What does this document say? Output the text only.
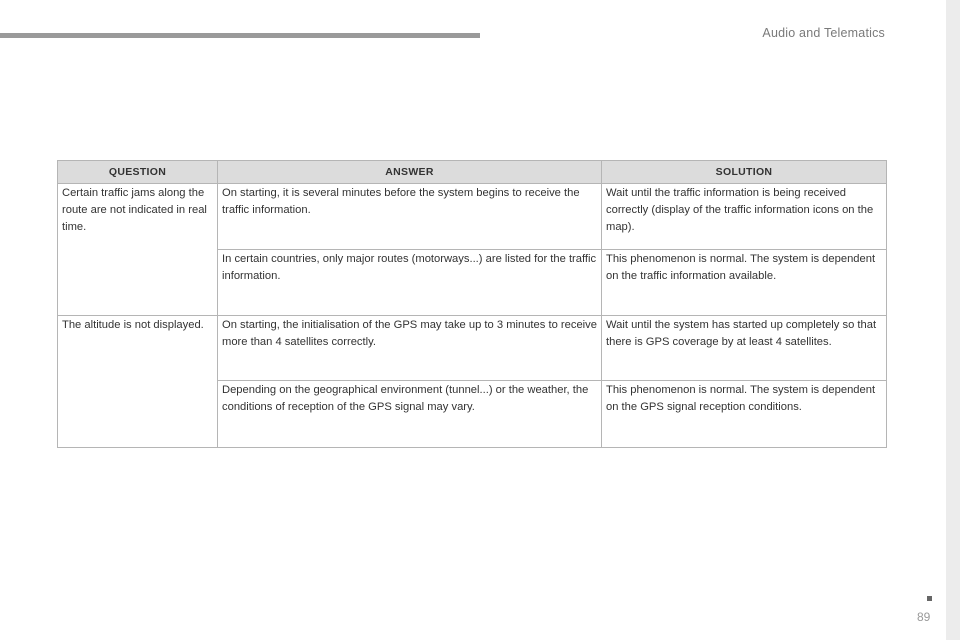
Audio and Telematics
QUESTION	ANSWER	SOLUTION
Certain traffic jams along the route are not indicated in real time.	On starting, it is several minutes before the system begins to receive the traffic information.	Wait until the traffic information is being received correctly (display of the traffic information icons on the map).
	In certain countries, only major routes (motorways...) are listed for the traffic information.	This phenomenon is normal. The system is dependent on the traffic information available.
The altitude is not displayed.	On starting, the initialisation of the GPS may take up to 3 minutes to receive more than 4 satellites correctly.	Wait until the system has started up completely so that there is GPS coverage by at least 4 satellites.
	Depending on the geographical environment (tunnel...) or the weather, the conditions of reception of the GPS signal may vary.	This phenomenon is normal. The system is dependent on the GPS signal reception conditions.
89
